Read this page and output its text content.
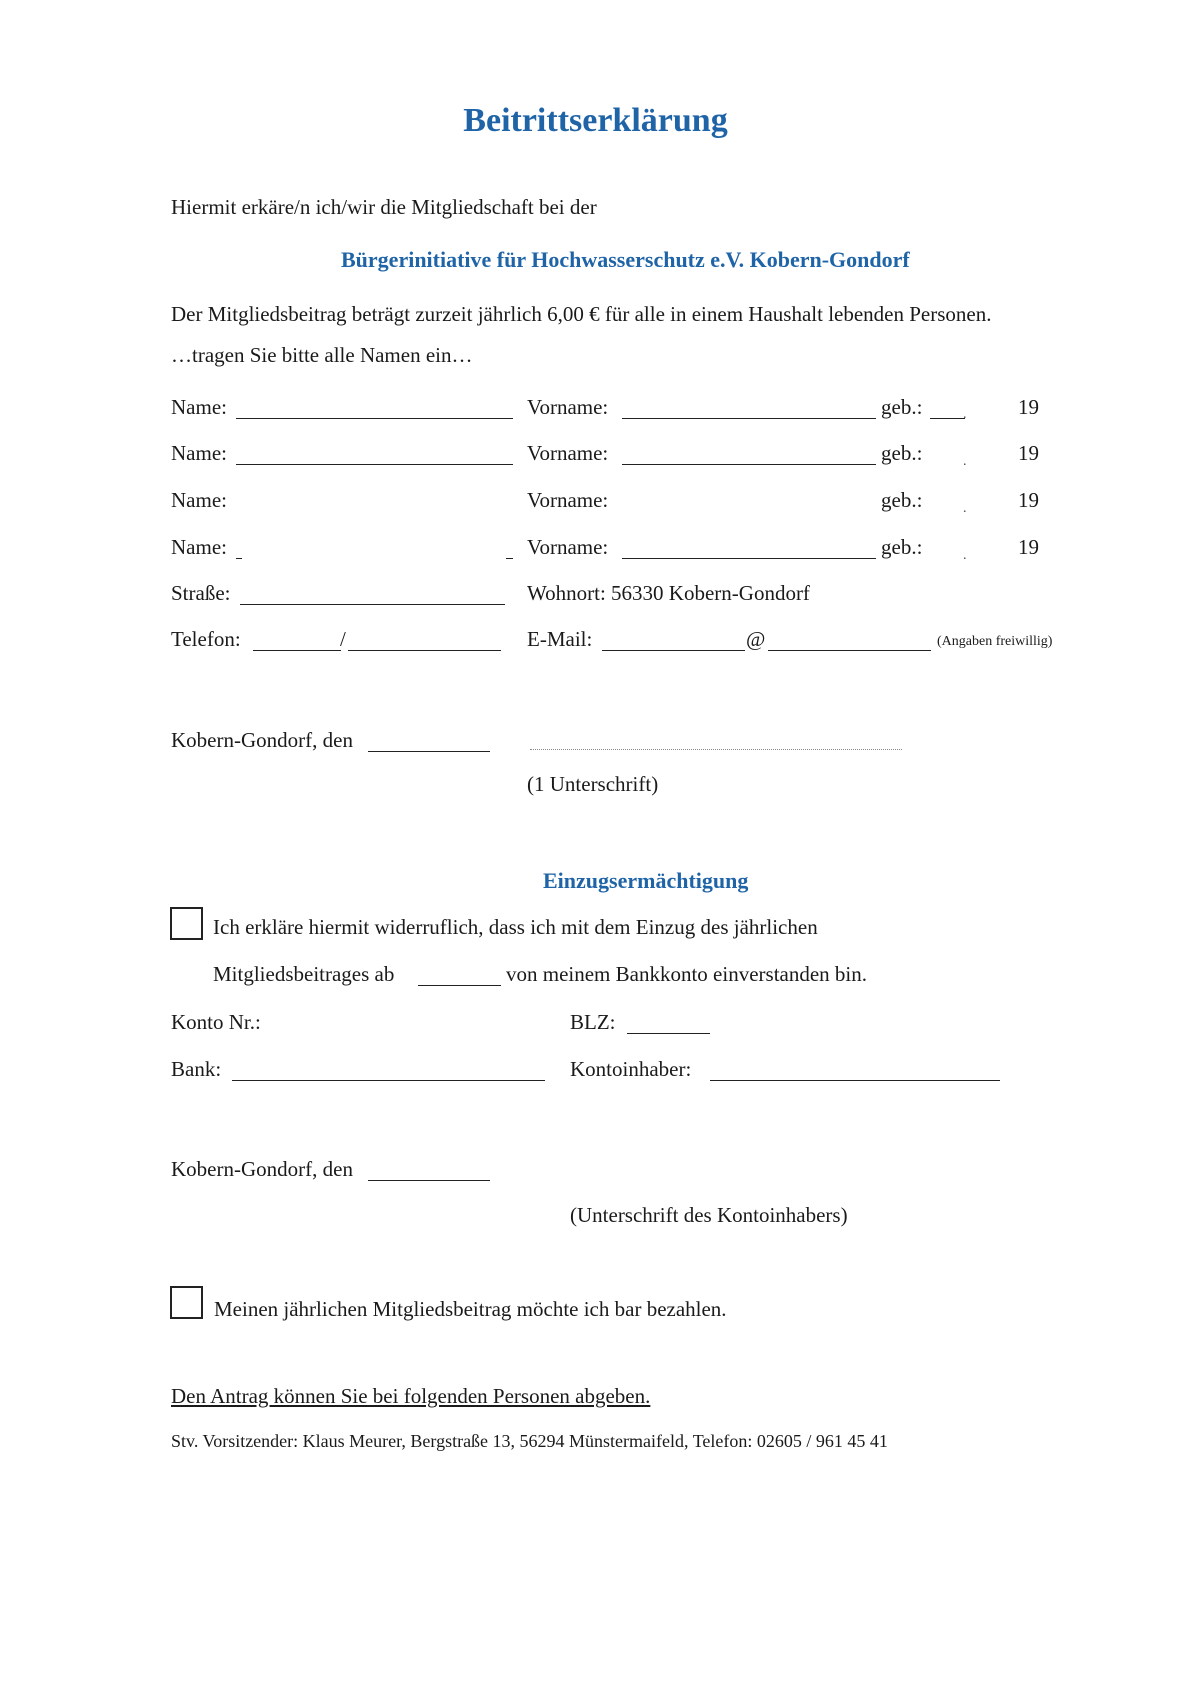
Beitrittserklärung
Hiermit erkäre/n ich/wir die Mitgliedschaft bei der
Bürgerinitiative für Hochwasserschutz e.V. Kobern-Gondorf
Der Mitgliedsbeitrag beträgt zurzeit jährlich 6,00 € für alle in einem Haushalt lebenden Personen.
…tragen Sie bitte alle Namen ein…
Name:	Vorname:	geb.:	. 19
Name:	Vorname:	geb.:	. 19
Name:	Vorname:	geb.:	. 19
Name:	Vorname:	geb.:	. 19
Straße:	Wohnort: 56330 Kobern-Gondorf
Telefon:	/	E-Mail:	@	(Angaben freiwillig)
Kobern-Gondorf, den
(1 Unterschrift)
Einzugsermächtigung
Ich erkläre hiermit widerruflich, dass ich mit dem Einzug des jährlichen
Mitgliedsbeitrages ab	von meinem Bankkonto einverstanden bin.
Konto Nr.:	BLZ:
Bank:	Kontoinhaber:
Kobern-Gondorf, den
(Unterschrift des Kontoinhabers)
Meinen jährlichen Mitgliedsbeitrag möchte ich bar bezahlen.
Den Antrag können Sie bei folgenden Personen abgeben.
Stv. Vorsitzender: Klaus Meurer, Bergstraße 13, 56294 Münstermaifeld, Telefon: 02605 / 961 45 41
